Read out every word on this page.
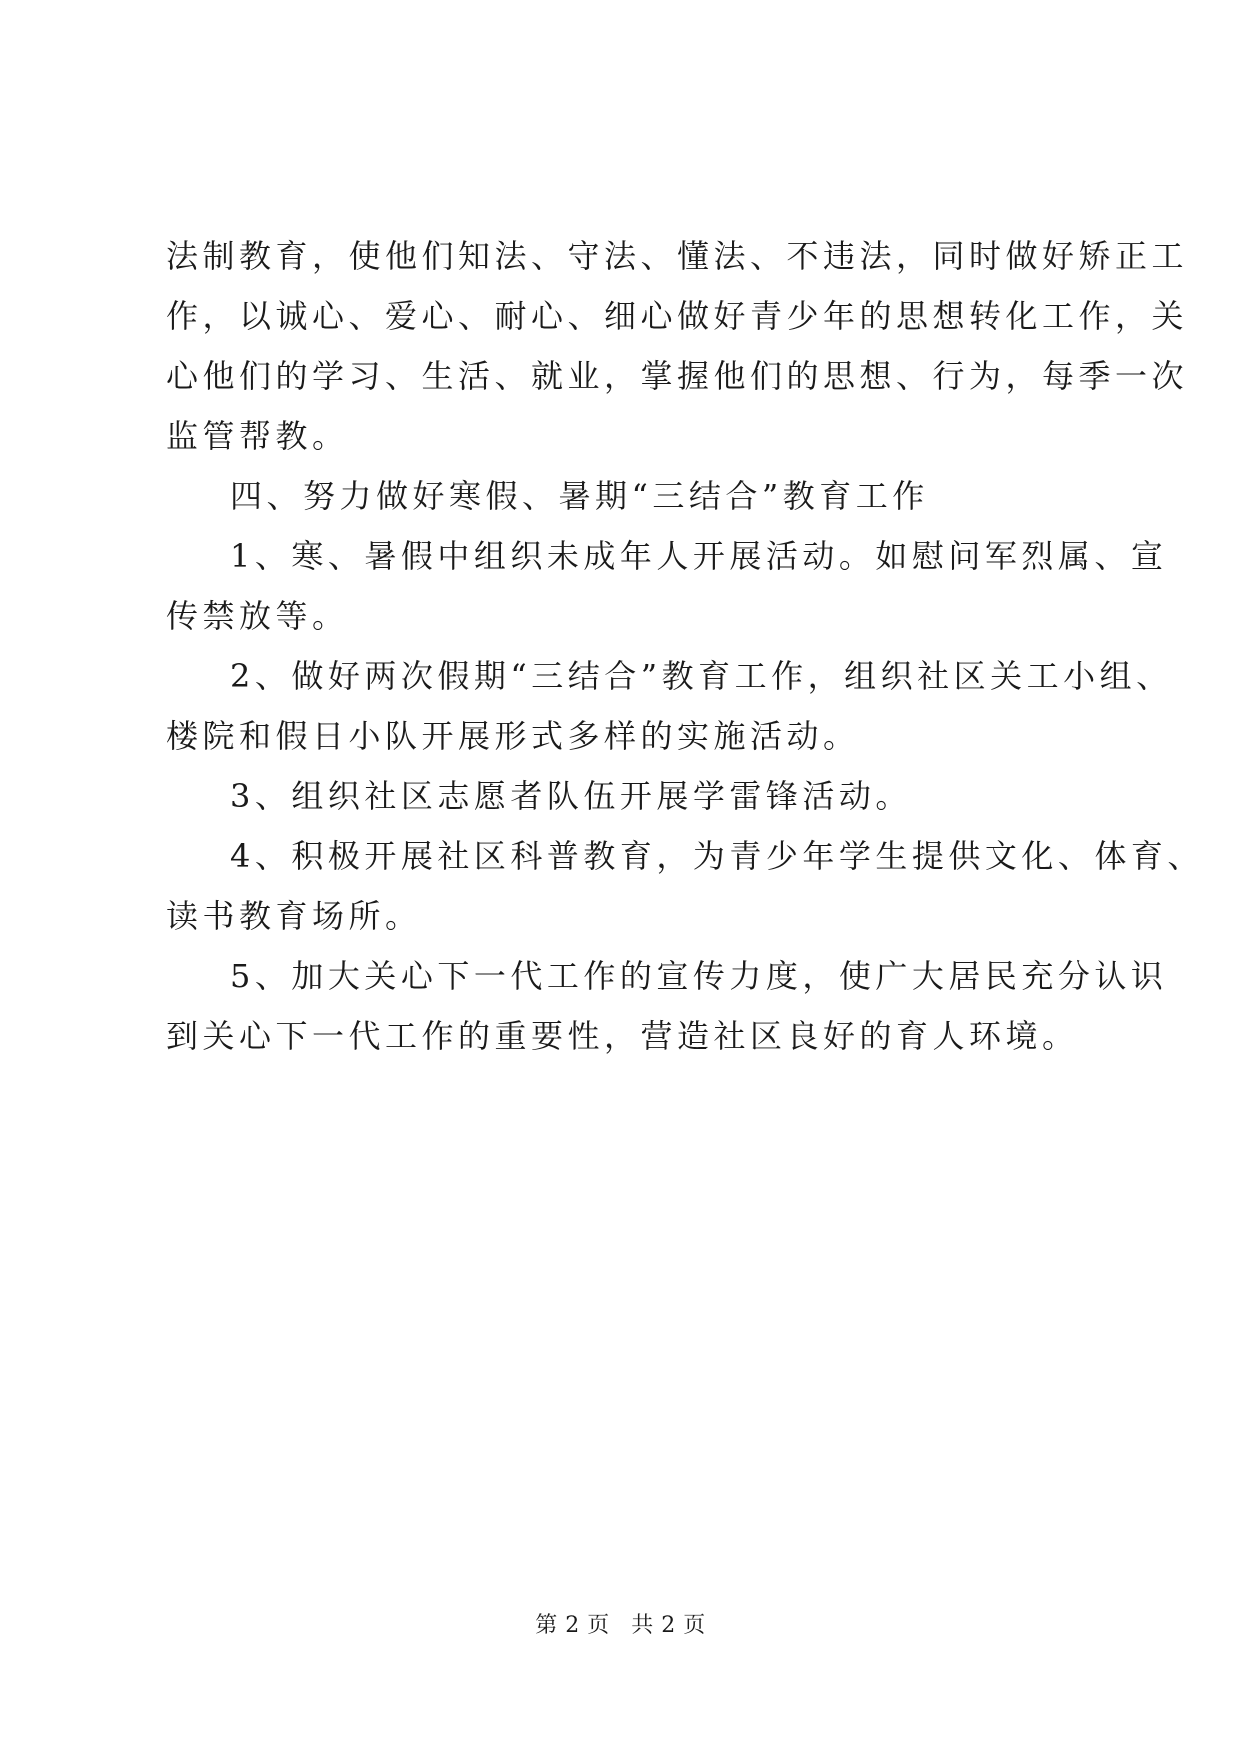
法制教育，使他们知法、守法、懂法、不违法，同时做好矫正工
作，以诚心、爱心、耐心、细心做好青少年的思想转化工作，关
心他们的学习、生活、就业，掌握他们的思想、行为，每季一次
监管帮教。
四、努力做好寒假、暑期“三结合”教育工作
1、寒、暑假中组织未成年人开展活动。如慰问军烈属、宣
传禁放等。
2、做好两次假期“三结合”教育工作，组织社区关工小组、
楼院和假日小队开展形式多样的实施活动。
3、组织社区志愿者队伍开展学雷锋活动。
4、积极开展社区科普教育，为青少年学生提供文化、体育、
读书教育场所。
5、加大关心下一代工作的宣传力度，使广大居民充分认识
到关心下一代工作的重要性，营造社区良好的育人环境。
第 2 页 共 2 页
